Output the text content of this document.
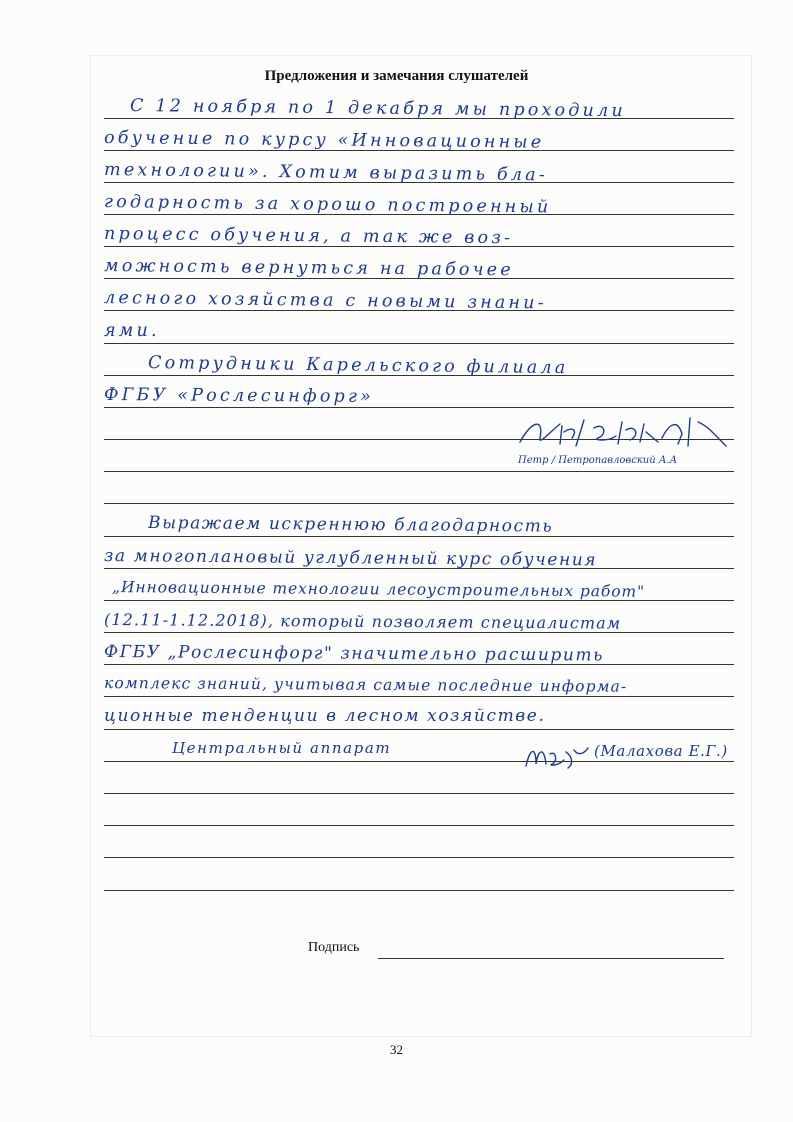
Предложения и замечания слушателей
С 12 ноября по 1 декабря мы проходили
обучение по курсу «Инновационные
технологии». Хотим выразить бла-
годарность за хорошо построенный
процесс обучения, а так же воз-
можность вернуться на рабочее
лесного хозяйства с новыми знани-
ями.
Сотрудники Карельского филиала
ФГБУ «Рослесинфорг»
Петр / Петропавловский А.А
Выражаем искреннюю благодарность
за многоплановый углубленный курс обучения
„Инновационные технологии лесоустроительных работ"
(12.11-1.12.2018), который позволяет специалистам
ФГБУ „Рослесинфорг" значительно расширить
комплекс знаний, учитывая самые последние информа-
ционные тенденции в лесном хозяйстве.
Центральный аппарат	(Малахова Е.Г.)
Подпись
32
